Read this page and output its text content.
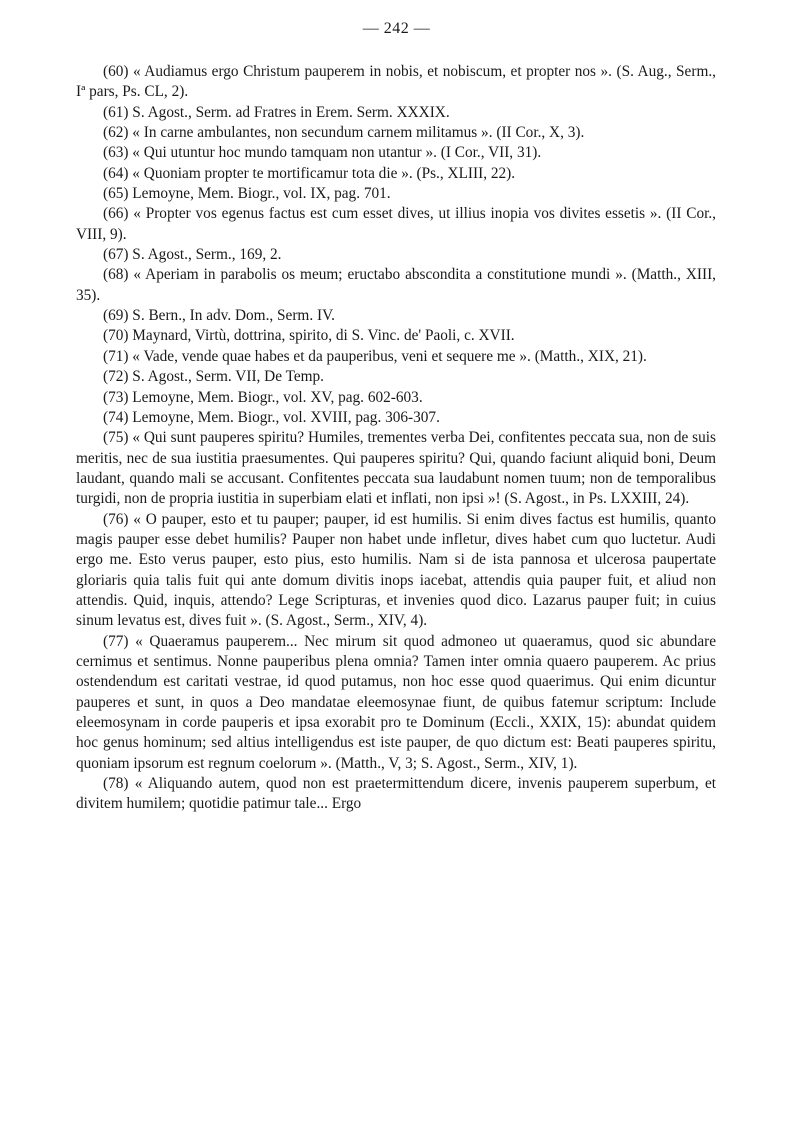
— 242 —

(60) « Audiamus ergo Christum pauperem in nobis, et nobiscum, et propter nos ». (S. Aug., Serm., Iª pars, Ps. CL, 2).

(61) S. Agost., Serm. ad Fratres in Erem. Serm. XXXIX.

(62) « In carne ambulantes, non secundum carnem militamus ». (II Cor., X, 3).

(63) « Qui utuntur hoc mundo tamquam non utantur ». (I Cor., VII, 31).

(64) « Quoniam propter te mortificamur tota die ». (Ps., XLIII, 22).

(65) Lemoyne, Mem. Biogr., vol. IX, pag. 701.

(66) « Propter vos egenus factus est cum esset dives, ut illius inopia vos divites essetis ». (II Cor., VIII, 9).

(67) S. Agost., Serm., 169, 2.

(68) « Aperiam in parabolis os meum; eructabo abscondita a constitutione mundi ». (Matth., XIII, 35).

(69) S. Bern., In adv. Dom., Serm. IV.

(70) Maynard, Virtù, dottrina, spirito, di S. Vinc. de' Paoli, c. XVII.

(71) « Vade, vende quae habes et da pauperibus, veni et sequere me ». (Matth., XIX, 21).

(72) S. Agost., Serm. VII, De Temp.

(73) Lemoyne, Mem. Biogr., vol. XV, pag. 602-603.

(74) Lemoyne, Mem. Biogr., vol. XVIII, pag. 306-307.

(75) « Qui sunt pauperes spiritu? Humiles, trementes verba Dei, confitentes peccata sua, non de suis meritis, nec de sua iustitia praesumentes. Qui pauperes spiritu? Qui, quando faciunt aliquid boni, Deum laudant, quando mali se accusant. Confitentes peccata sua laudabunt nomen tuum; non de temporalibus turgidi, non de propria iustitia in superbiam elati et inflati, non ipsi »! (S. Agost., in Ps. LXXIII, 24).

(76) « O pauper, esto et tu pauper; pauper, id est humilis. Si enim dives factus est humilis, quanto magis pauper esse debet humilis? Pauper non habet unde infletur, dives habet cum quo luctetur. Audi ergo me. Esto verus pauper, esto pius, esto humilis. Nam si de ista pannosa et ulcerosa paupertate gloriaris quia talis fuit qui ante domum divitis inops iacebat, attendis quia pauper fuit, et aliud non attendis. Quid, inquis, attendo? Lege Scripturas, et invenies quod dico. Lazarus pauper fuit; in cuius sinum levatus est, dives fuit ». (S. Agost., Serm., XIV, 4).

(77) « Quaeramus pauperem... Nec mirum sit quod admoneo ut quaeramus, quod sic abundare cernimus et sentimus. Nonne pauperibus plena omnia? Tamen inter omnia quaero pauperem. Ac prius ostendendum est caritati vestrae, id quod putamus, non hoc esse quod quaerimus. Qui enim dicuntur pauperes et sunt, in quos a Deo mandatae eleemosynae fiunt, de quibus fatemur scriptum: Include eleemosynam in corde pauperis et ipsa exorabit pro te Dominum (Eccli., XXIX, 15): abundat quidem hoc genus hominum; sed altius intelligendus est iste pauper, de quo dictum est: Beati pauperes spiritu, quoniam ipsorum est regnum coelorum ». (Matth., V, 3; S. Agost., Serm., XIV, 1).

(78) « Aliquando autem, quod non est praetermittendum dicere, invenis pauperem superbum, et divitem humilem; quotidie patimur tale... Ergo
